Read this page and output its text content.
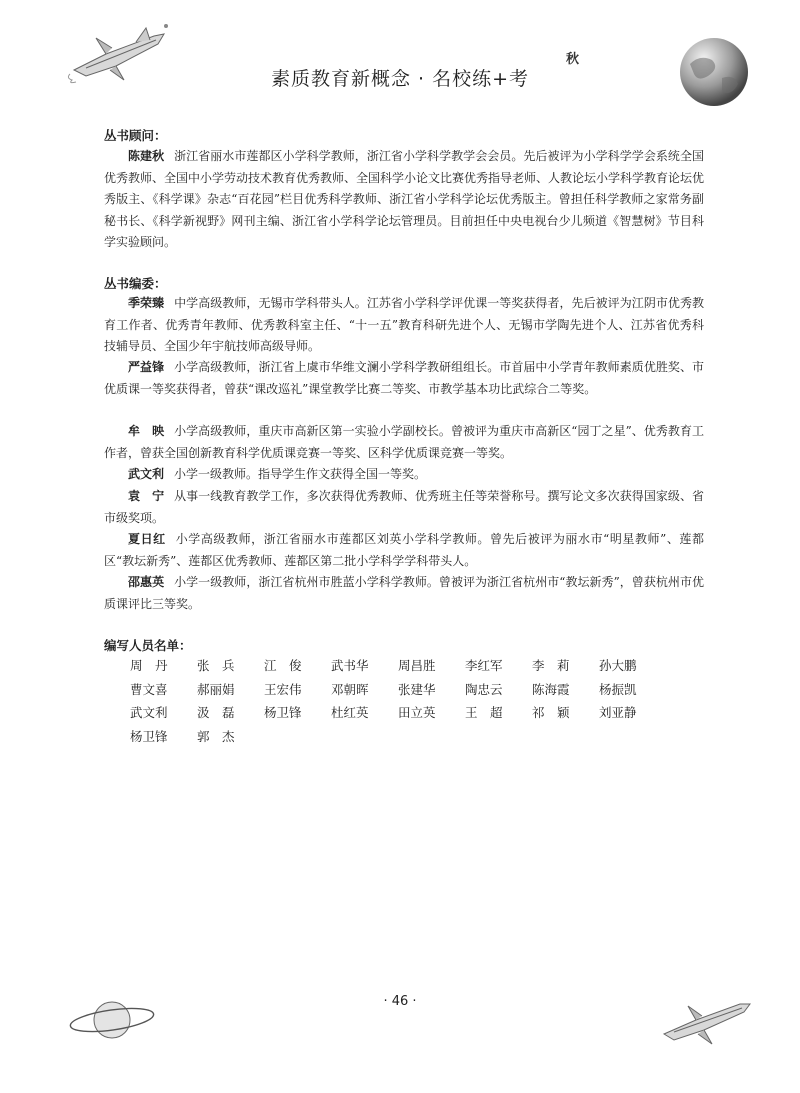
素质教育新概念 · 名校练+考
秋
丛书顾问：
陈建秋 浙江省丽水市莲都区小学科学教师，浙江省小学科学教学会会员。先后被评为小学科学学会系统全国优秀教师、全国中小学劳动技术教育优秀教师、全国科学小论文比赛优秀指导老师、人教论坛小学科学教育论坛优秀版主、《科学课》杂志“百花园”栏目优秀科学教师、浙江省小学科学论坛优秀版主。曾担任科学教师之家常务副秘书长、《科学新视野》网刊主编、浙江省小学科学论坛管理员。目前担任中央电视台少儿频道《智慧树》节目科学实验顾问。
丛书编委：
季荣臻 中学高级教师，无锡市学科带头人。江苏省小学科学评优课一等奖获得者，先后被评为江阴市优秀教育工作者、优秀青年教师、优秀教科室主任、“十一五”教育科研先进个人、无锡市学陶先进个人、江苏省优秀科技辅导员、全国少年宇航技师高级导师。
严益锋 小学高级教师，浙江省上虞市华维文澜小学科学教研组组长。市首届中小学青年教师素质优胜奖、市优质课一等奖获得者，曾获“课改巡礼”课堂教学比赛二等奖、市教学基本功比武综合二等奖。
牟　映 小学高级教师，重庆市高新区第一实验小学副校长。曾被评为重庆市高新区“园丁之星”、优秀教育工作者，曾获全国创新教育科学优质课竞赛一等奖、区科学优质课竞赛一等奖。
武文利 小学一级教师。指导学生作文获得全国一等奖。
袁　宁 从事一线教育教学工作，多次获得优秀教师、优秀班主任等荣誉称号。撰写论文多次获得国家级、省市级奖项。
夏日红 小学高级教师，浙江省丽水市莲都区刘英小学科学教师。曾先后被评为丽水市“明星教师”、莲都区“教坛新秀”、莲都区优秀教师、莲都区第二批小学科学学科带头人。
邵惠英 小学一级教师，浙江省杭州市胜蓝小学科学教师。曾被评为浙江省杭州市“教坛新秀”，曾获杭州市优质课评比三等奖。
编写人员名单：
周　丹	张　兵	江　俊	武书华	周昌胜	李红军	李　莉	孙大鹏
曹文喜	郝丽娟	王宏伟	邓朝晖	张建华	陶忠云	陈海霞	杨振凯
武文利	汲　磊	杨卫锋	杜红英	田立英	王　超	祁　颖	刘亚静
杨卫锋	郭　杰
· 46 ·
